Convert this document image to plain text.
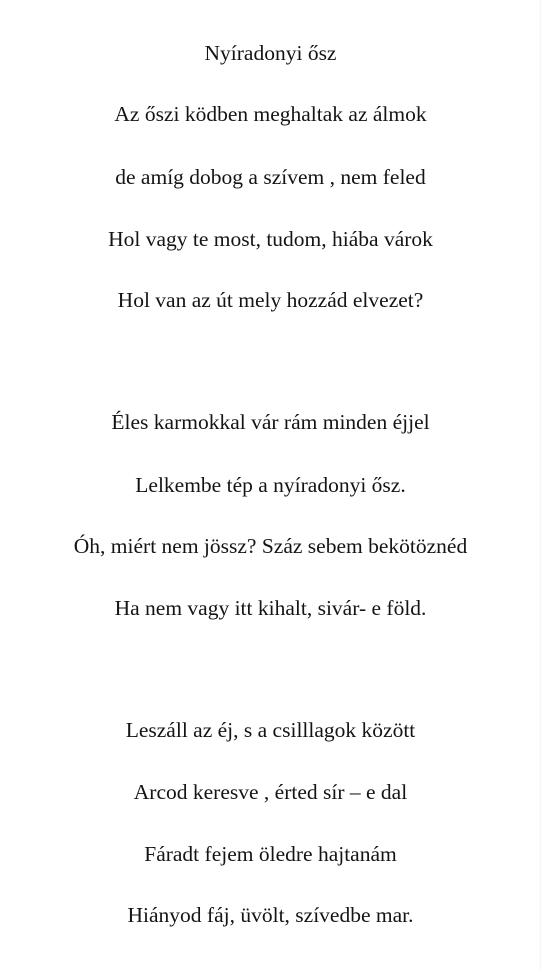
Nyíradonyi ősz
Az őszi ködben meghaltak az álmok
de amíg dobog a szívem , nem feled
Hol vagy te most, tudom, hiába várok
Hol van az út mely hozzád elvezet?
Éles karmokkal vár rám minden éjjel
Lelkembe tép a nyíradonyi ősz.
Óh, miért nem jössz? Száz sebem bekötözn‌éd
Ha nem vagy itt kihalt, sivár- e föld.
Leszáll az éj, s a csilllagok között
Arcod keresve , érted sír – e dal
Fáradt fejem öledre hajtanám
Hiányod fáj, üvölt, szívedbe mar.
